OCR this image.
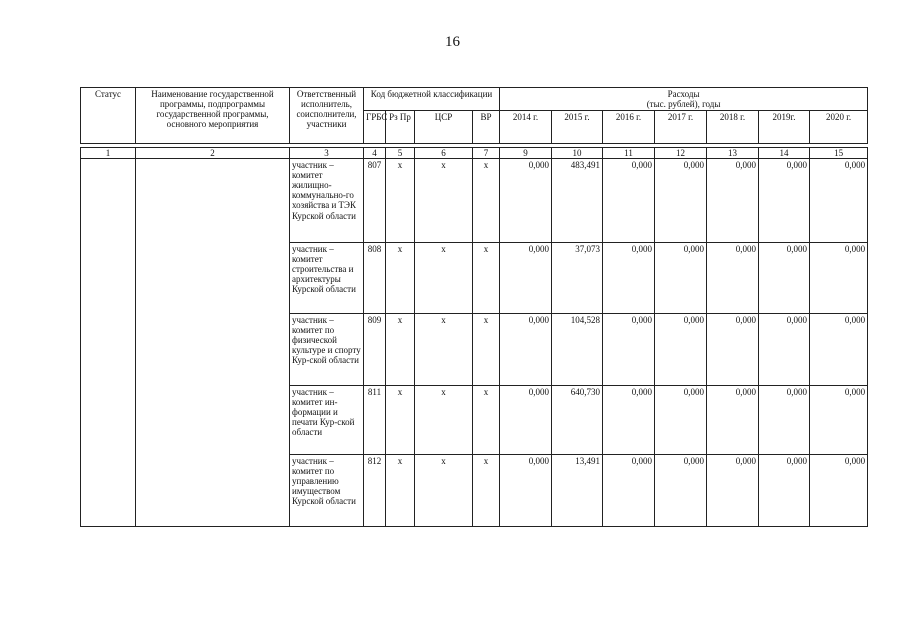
16
Статус	Наименование государственной программы, подпрограммы государственной программы, основного мероприятия	Ответственный исполнитель, соисполнители, участники	Код бюджетной классификации				Расходы
(тыс. рублей), годы						

			ГРБС	Рз Пр	ЦСР	ВР	2014 г.	2015 г.	2016 г.	2017 г.	2018 г.	2019г.	2020 г.

1	2	3	4	5	6	7	9	10	11	12	13	14	15
		участник – комитет жилищно-коммунально-го хозяйства и ТЭК Курской области	807	x	x	x	0,000	483,491	0,000	0,000	0,000	0,000	0,000
		участник – комитет строительства и архитектуры Курской области	808	x	x	x	0,000	37,073	0,000	0,000	0,000	0,000	0,000
		участник – комитет по физической культуре и спорту Кур-ской области	809	x	x	x	0,000	104,528	0,000	0,000	0,000	0,000	0,000
		участник – комитет ин-формации и печати Кур-ской области	811	x	x	x	0,000	640,730	0,000	0,000	0,000	0,000	0,000
		участник – комитет по управлению имуществом Курской области	812	x	x	x	0,000	13,491	0,000	0,000	0,000	0,000	0,000
